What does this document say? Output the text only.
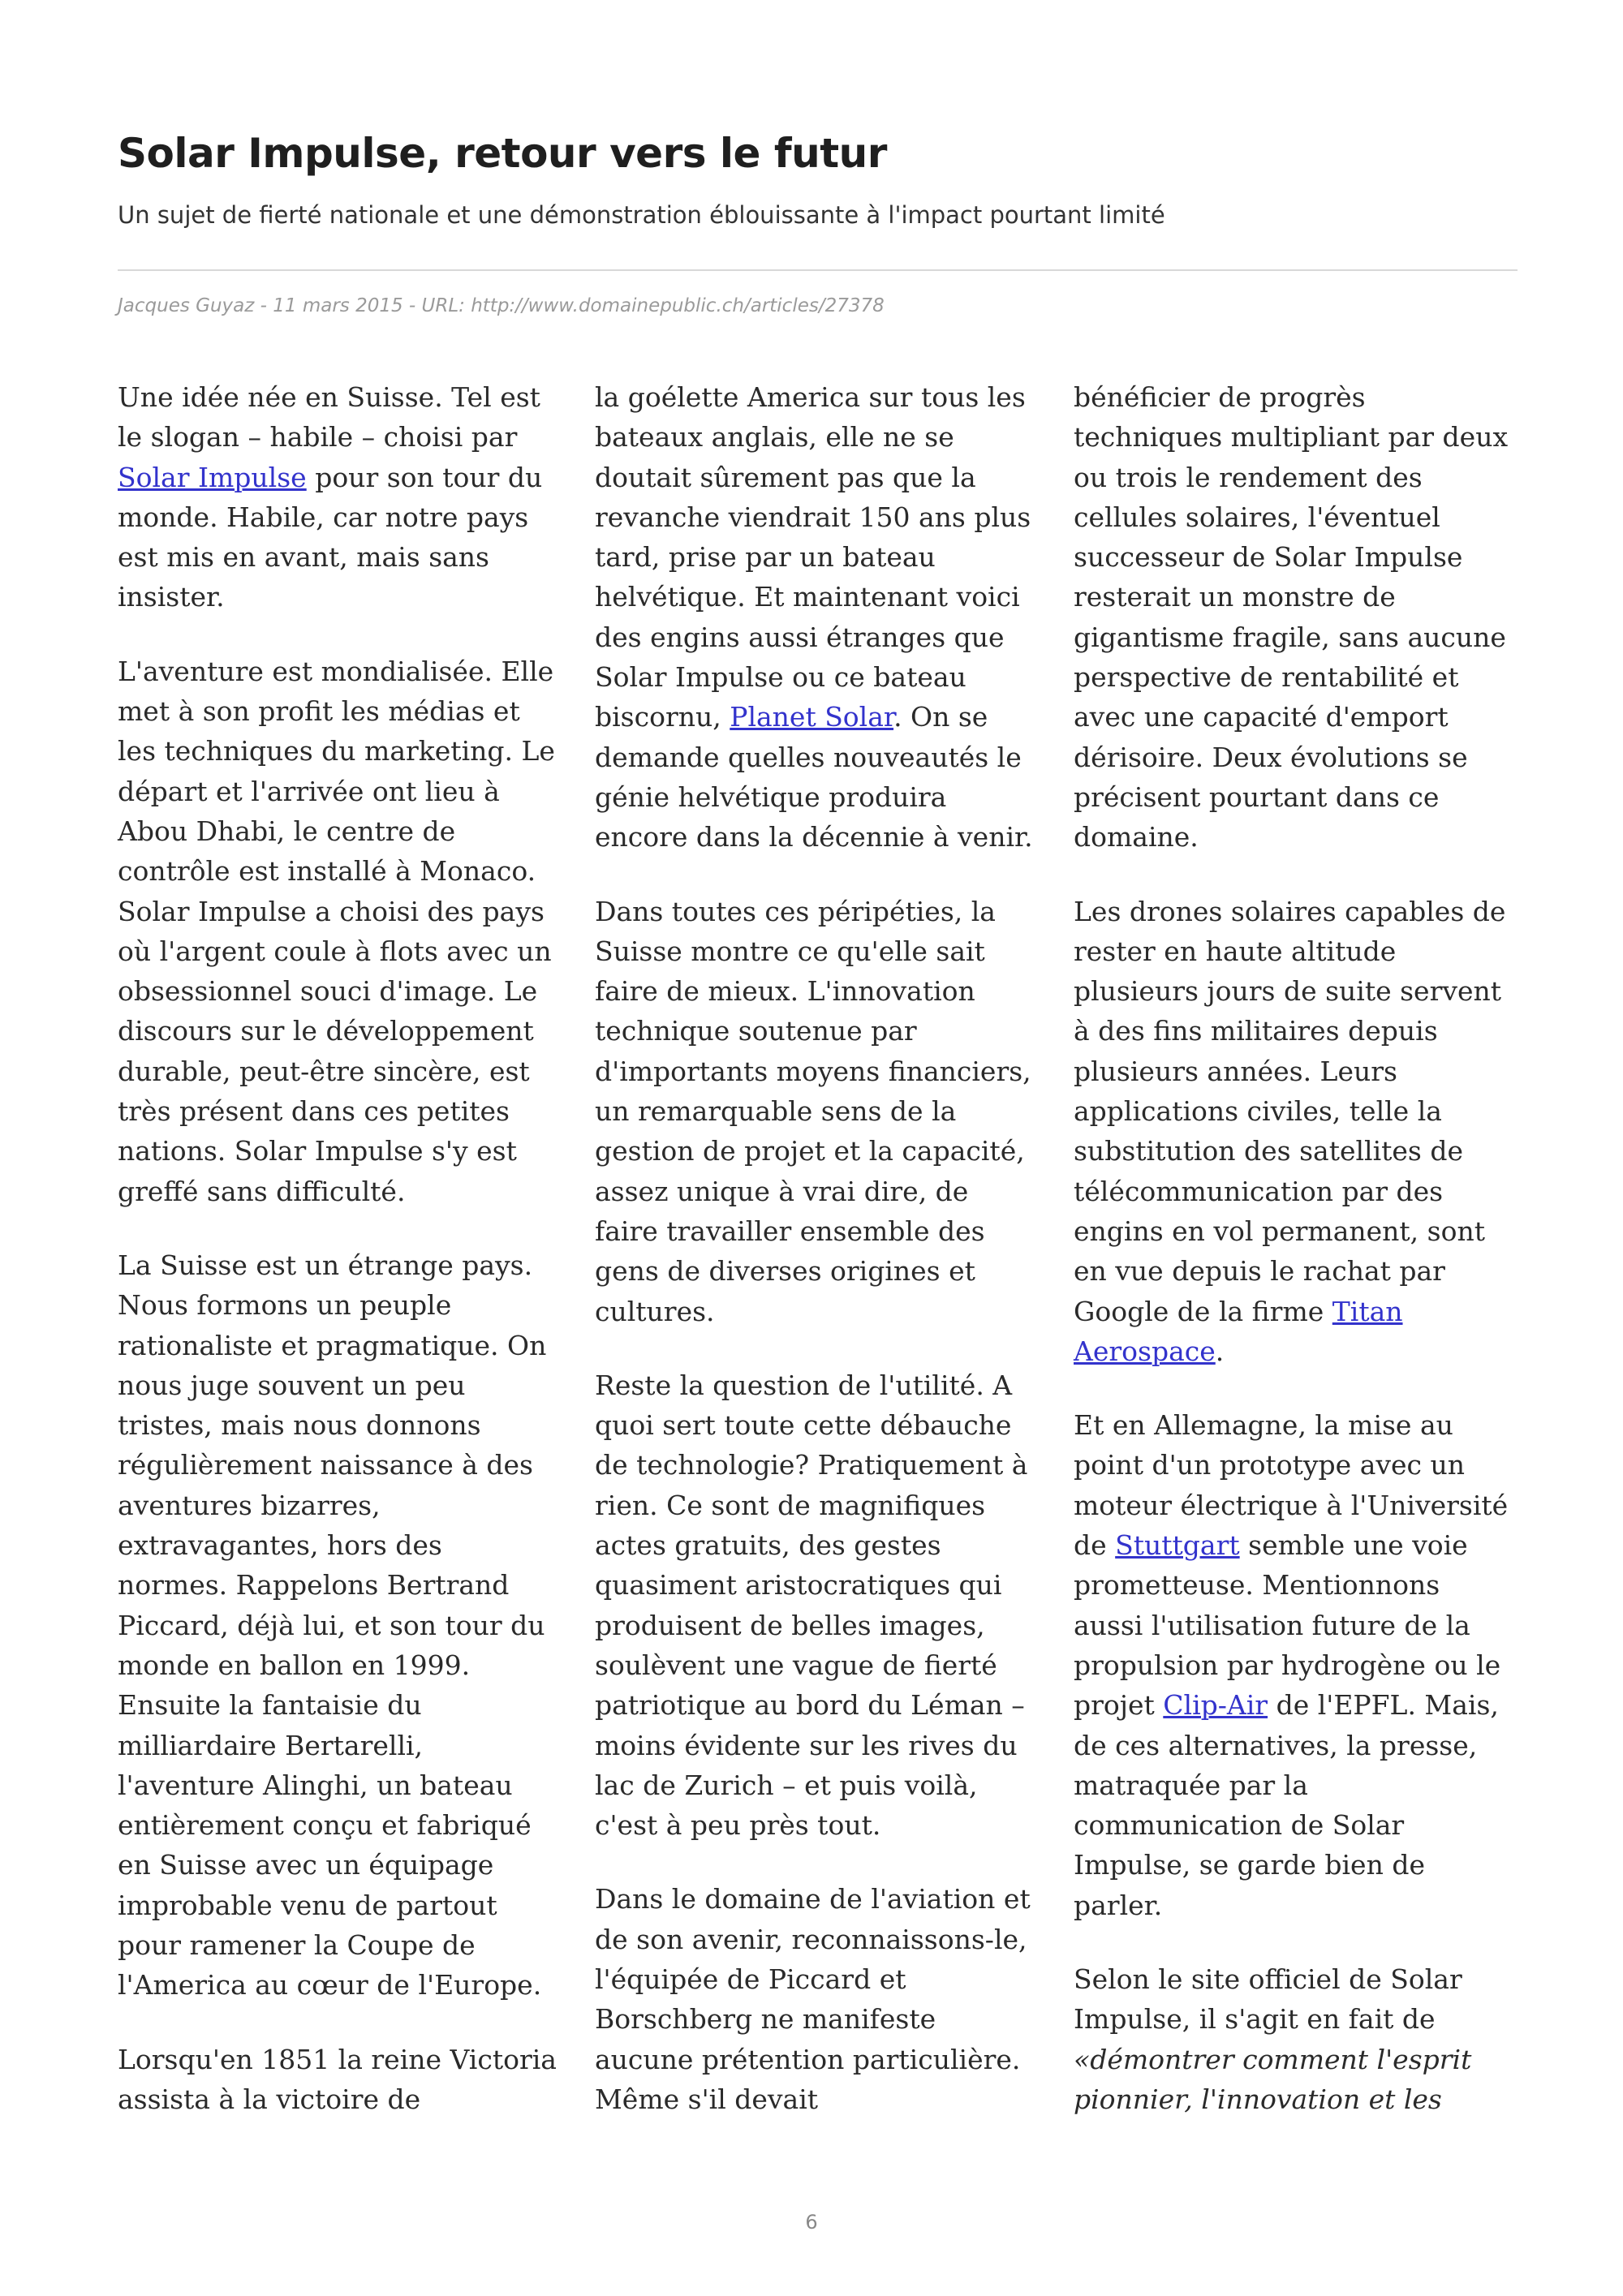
Solar Impulse, retour vers le futur

Un sujet de fierté nationale et une démonstration éblouissante à l'impact pourtant limité

Jacques Guyaz - 11 mars 2015 - URL: http://www.domainepublic.ch/articles/27378

Une idée née en Suisse. Tel est le slogan – habile – choisi par Solar Impulse pour son tour du monde. Habile, car notre pays est mis en avant, mais sans insister.

L'aventure est mondialisée. Elle met à son profit les médias et les techniques du marketing. Le départ et l'arrivée ont lieu à Abou Dhabi, le centre de contrôle est installé à Monaco. Solar Impulse a choisi des pays où l'argent coule à flots avec un obsessionnel souci d'image. Le discours sur le développement durable, peut-être sincère, est très présent dans ces petites nations. Solar Impulse s'y est greffé sans difficulté.

La Suisse est un étrange pays. Nous formons un peuple rationaliste et pragmatique. On nous juge souvent un peu tristes, mais nous donnons régulièrement naissance à des aventures bizarres, extravagantes, hors des normes. Rappelons Bertrand Piccard, déjà lui, et son tour du monde en ballon en 1999. Ensuite la fantaisie du milliardaire Bertarelli, l'aventure Alinghi, un bateau entièrement conçu et fabriqué en Suisse avec un équipage improbable venu de partout pour ramener la Coupe de l'America au cœur de l'Europe.

Lorsqu'en 1851 la reine Victoria assista à la victoire de

la goélette America sur tous les bateaux anglais, elle ne se doutait sûrement pas que la revanche viendrait 150 ans plus tard, prise par un bateau helvétique. Et maintenant voici des engins aussi étranges que Solar Impulse ou ce bateau biscornu, Planet Solar. On se demande quelles nouveautés le génie helvétique produira encore dans la décennie à venir.

Dans toutes ces péripéties, la Suisse montre ce qu'elle sait faire de mieux. L'innovation technique soutenue par d'importants moyens financiers, un remarquable sens de la gestion de projet et la capacité, assez unique à vrai dire, de faire travailler ensemble des gens de diverses origines et cultures.

Reste la question de l'utilité. A quoi sert toute cette débauche de technologie? Pratiquement à rien. Ce sont de magnifiques actes gratuits, des gestes quasiment aristocratiques qui produisent de belles images, soulèvent une vague de fierté patriotique au bord du Léman – moins évidente sur les rives du lac de Zurich – et puis voilà, c'est à peu près tout.

Dans le domaine de l'aviation et de son avenir, reconnaissons-le, l'équipée de Piccard et Borschberg ne manifeste aucune prétention particulière. Même s'il devait

bénéficier de progrès techniques multipliant par deux ou trois le rendement des cellules solaires, l'éventuel successeur de Solar Impulse resterait un monstre de gigantisme fragile, sans aucune perspective de rentabilité et avec une capacité d'emport dérisoire. Deux évolutions se précisent pourtant dans ce domaine.

Les drones solaires capables de rester en haute altitude plusieurs jours de suite servent à des fins militaires depuis plusieurs années. Leurs applications civiles, telle la substitution des satellites de télécommunication par des engins en vol permanent, sont en vue depuis le rachat par Google de la firme Titan Aerospace.

Et en Allemagne, la mise au point d'un prototype avec un moteur électrique à l'Université de Stuttgart semble une voie prometteuse. Mentionnons aussi l'utilisation future de la propulsion par hydrogène ou le projet Clip-Air de l'EPFL. Mais, de ces alternatives, la presse, matraquée par la communication de Solar Impulse, se garde bien de parler.

Selon le site officiel de Solar Impulse, il s'agit en fait de «démontrer comment l'esprit pionnier, l'innovation et les

6
